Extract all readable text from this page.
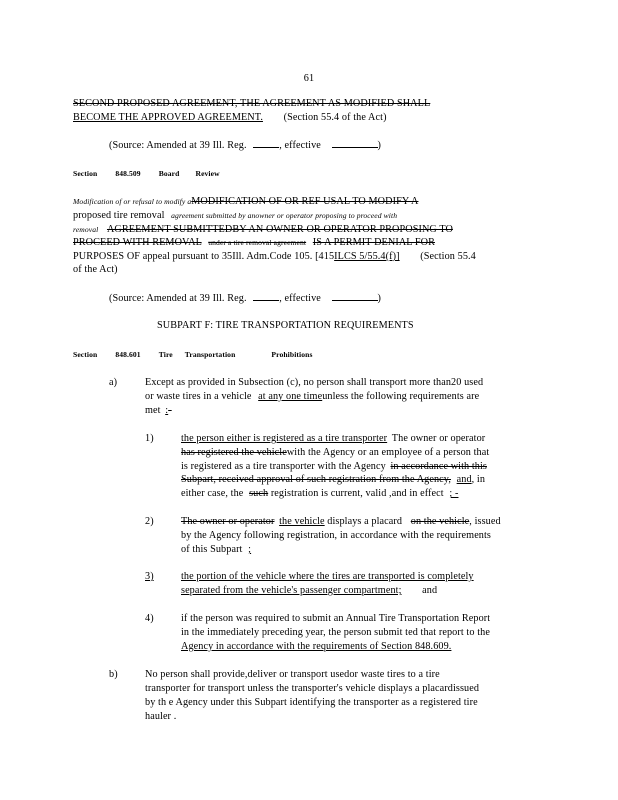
61
SECOND PROPOSED AGREEMENT, THE AGREEMENT AS MODIFIED SHALL
BECOME THE APPROVED AGREEMENT. (Section 55.4 of the Act)
(Source: Amended at 39 Ill. Reg.	, effective	)
Section 848.509 Board Review
Modification of or refusal to modify aMODIFICATION OF OR REF USAL TO MODIFY A
proposed tire removal agreement submitted by anowner or operator proposing to proceed with
removal AGREEMENT SUBMITTEDBY AN OWNER OR OPERATOR PROPOSING TO
PROCEED WITH REMOVAL under a tire removal agreement IS A PERMIT DENIAL FOR
PURPOSES OF appeal pursuant to 35Ill. Adm.Code 105. [415ILCS 5/55.4(f)] (Section 55.4
of the Act)
(Source: Amended at 39 Ill. Reg.	, effective	)
SUBPART F: TIRE TRANSPORTATION REQUIREMENTS
Section 848.601 Tire Transportation	Prohibitions
a)	Except as provided in Subsection (c), no person shall transport more than20 used
or waste tires in a vehicle at any one timeunless the following requirements are
met :-
1)	the person either is registered as a tire transporter The owner or operator
has registered the vehiclewith the Agency or an employee of a person that
is registered as a tire transporter with the Agency in accordance with this
Subpart, received approval of such registration from the Agency, and, in
either case, the such registration is current, valid ,and in effect ; -
2)	The owner or operator the vehicle displays a placard on the vehicle, issued
by the Agency following registration, in accordance with the requirements
of this Subpart ;
3)	the portion of the vehicle where the tires are transported is completely
separated from the vehicle's passenger compartment; and
4)	if the person was required to submit an Annual Tire Transportation Report
in the immediately preceding year, the person submit ted that report to the
Agency in accordance with the requirements of Section 848.609.
b)	No person shall provide,deliver or transport usedor waste tires to a tire
transporter for transport unless the transporter's vehicle displays a placardissued
by th e Agency under this Subpart identifying the transporter as a registered tire
hauler .
